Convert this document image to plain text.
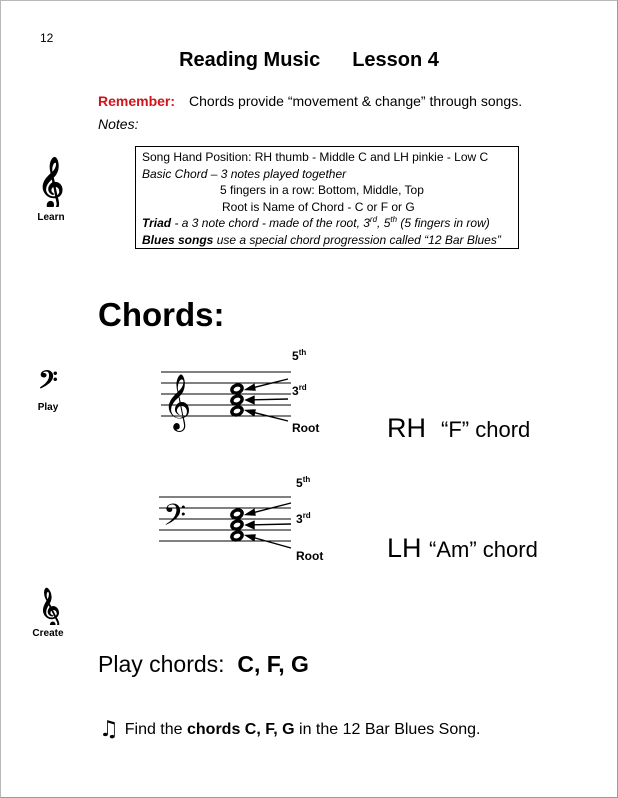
12
Reading Music Lesson 4
Remember: Chords provide “movement & change” through songs.
Notes:
𝄞
Learn
Song Hand Position: RH thumb - Middle C and LH pinkie - Low C
Basic Chord – 3 notes played together
5 fingers in a row: Bottom, Middle, Top
Root is Name of Chord - C or F or G
Triad - a 3 note chord - made of the root, 3rd, 5th (5 fingers in row)
Blues songs use a special chord progression called “12 Bar Blues”
Chords:
𝄢
Play 𝄞
5th
3rd
Root	RH “F” chord
𝄢
5th
3rd
Root LH “Am” chord
𝄞
Create
Play chords: C, F, G
♫ Find the chords C, F, G in the 12 Bar Blues Song.
